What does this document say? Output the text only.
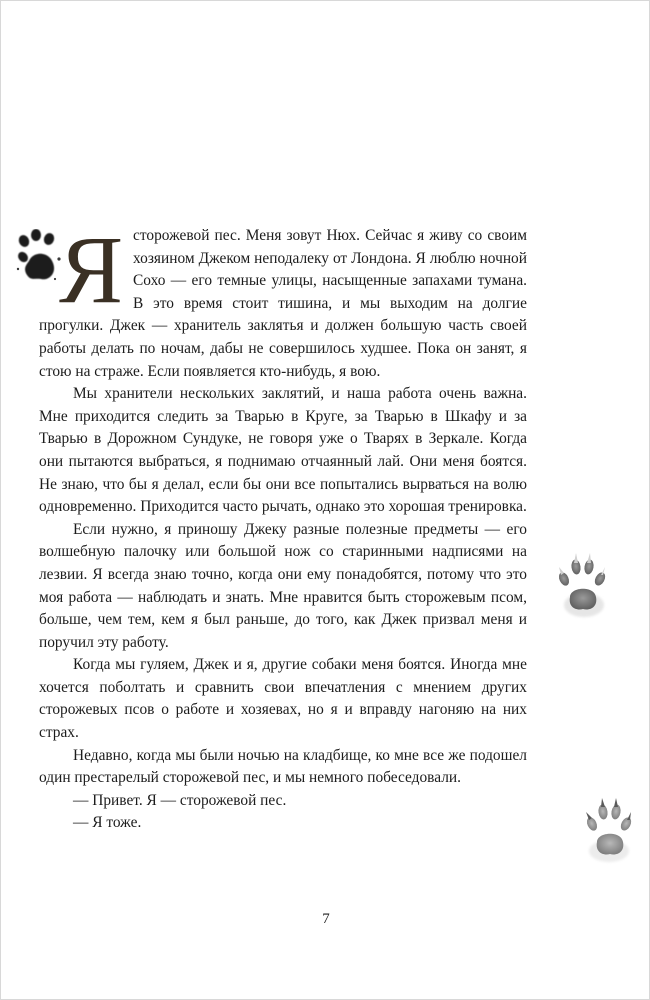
Ясторожевой пес. Меня зовут Нюх. Сейчас я живу со своим хозяином Джеком неподалеку от Лондона. Я люблю ночной Сохо — его темные улицы, насыщенные запахами тумана. В это время стоит тишина, и мы выходим на долгие прогулки. Джек — хранитель заклятья и должен большую часть своей работы делать по ночам, дабы не совершилось худшее. Пока он занят, я стою на страже. Если появляется кто-нибудь, я вою.

Мы хранители нескольких заклятий, и наша работа очень важна. Мне приходится следить за Тварью в Круге, за Тварью в Шкафу и за Тварью в Дорожном Сундуке, не говоря уже о Тварях в Зеркале. Когда они пытаются выбраться, я поднимаю отчаянный лай. Они меня боятся. Не знаю, что бы я делал, если бы они все попытались вырваться на волю одновременно. Приходится часто рычать, однако это хорошая тренировка.

Если нужно, я приношу Джеку разные полезные предметы — его волшебную палочку или большой нож со старинными надписями на лезвии. Я всегда знаю точно, когда они ему понадобятся, потому что это моя работа — наблюдать и знать. Мне нравится быть сторожевым псом, больше, чем тем, кем я был раньше, до того, как Джек призвал меня и поручил эту работу.

Когда мы гуляем, Джек и я, другие собаки меня боятся. Иногда мне хочется поболтать и сравнить свои впечатления с мнением других сторожевых псов о работе и хозяевах, но я и вправду нагоняю на них страх.

Недавно, когда мы были ночью на кладбище, ко мне все же подошел один престарелый сторожевой пес, и мы немного побеседовали.

— Привет. Я — сторожевой пес.

— Я тоже.

7
